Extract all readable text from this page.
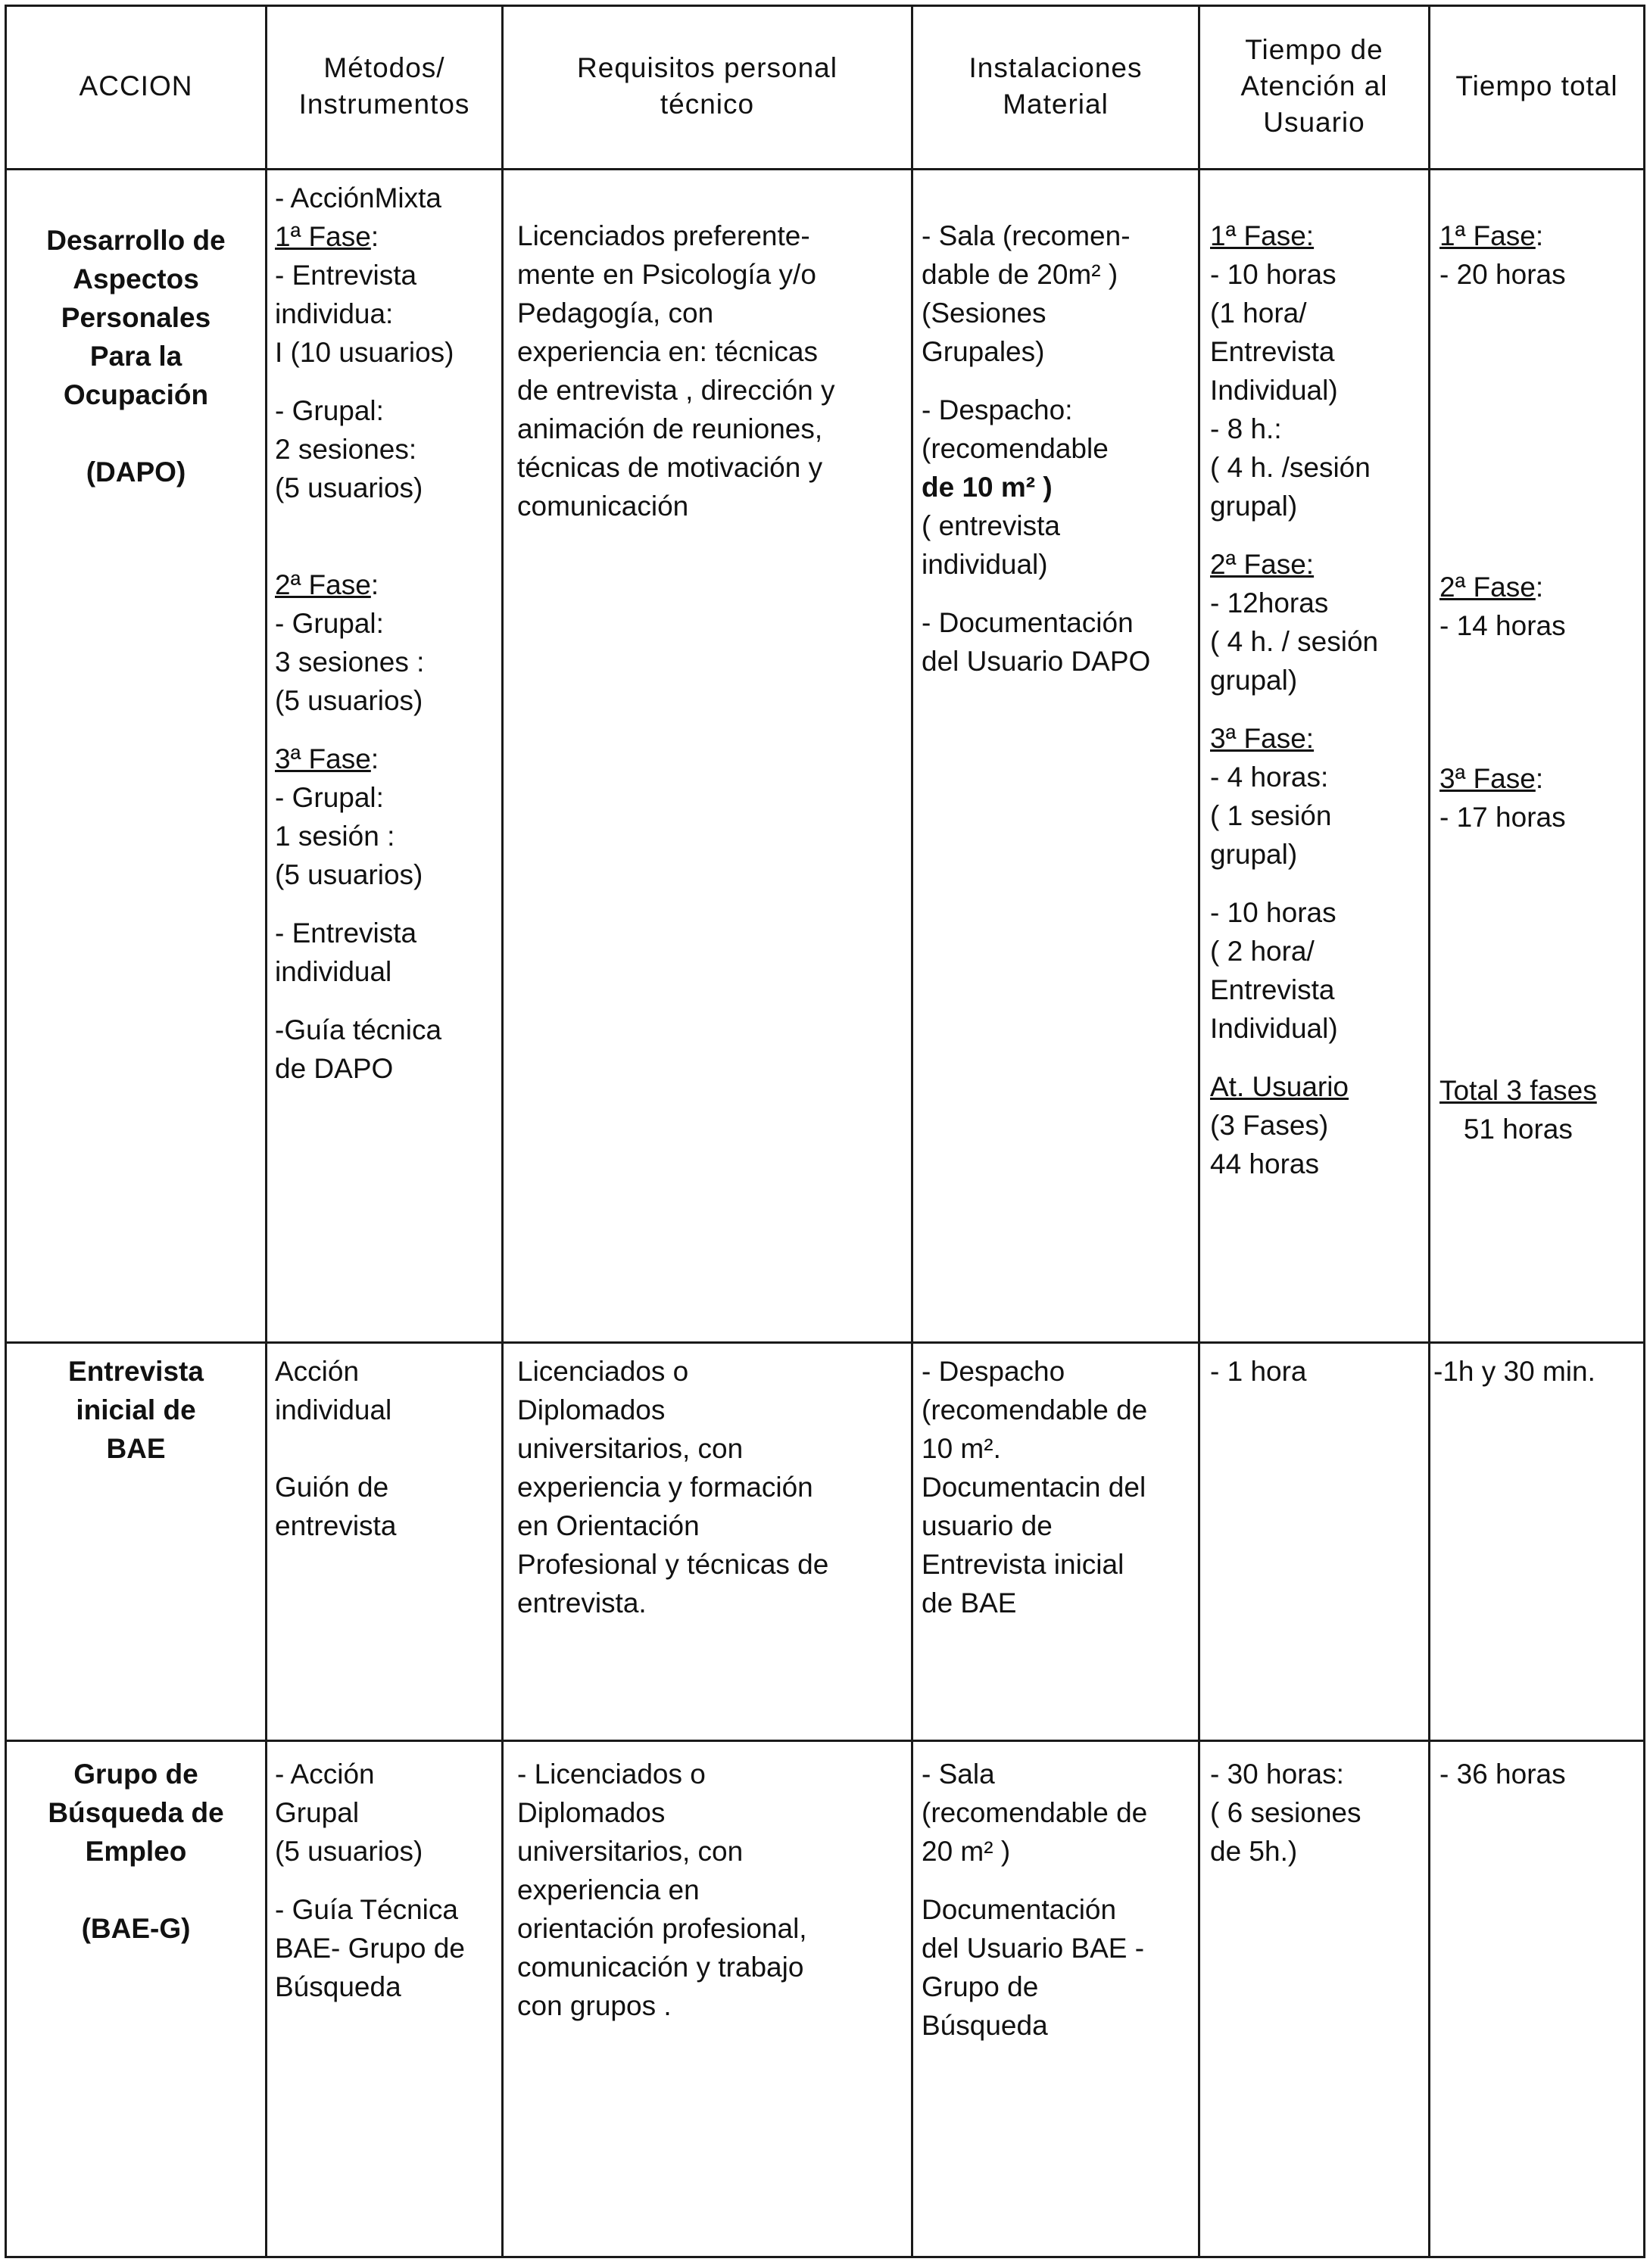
ACCION
Métodos/
Instrumentos
Requisitos personal
técnico
Instalaciones
Material
Tiempo de
Atención al
Usuario
Tiempo total
Desarrollo de
Aspectos
Personales
Para la
Ocupación
(DAPO)
- AcciónMixta
1ª Fase:
- Entrevista
individua:
I (10 usuarios)
- Grupal:
2 sesiones:
(5 usuarios)
2ª Fase:
- Grupal:
3 sesiones :
(5 usuarios)
3ª Fase:
- Grupal:
1 sesión :
(5 usuarios)
- Entrevista
individual
-Guía técnica
de DAPO
Licenciados preferente-
mente en Psicología y/o
Pedagogía, con
experiencia en: técnicas
de entrevista , dirección y
animación de reuniones,
técnicas de motivación y
comunicación
- Sala (recomen-
dable de 20m² )
(Sesiones
Grupales)
- Despacho:
(recomendable
de 10 m² )
( entrevista
individual)
- Documentación
del Usuario DAPO
1ª Fase:
- 10 horas
(1 hora/
Entrevista
Individual)
- 8 h.:
( 4 h. /sesión
grupal)
2ª Fase:
- 12horas
( 4 h. / sesión
grupal)
3ª Fase:
- 4 horas:
( 1 sesión
grupal)
- 10 horas
( 2 hora/
Entrevista
Individual)
At. Usuario
(3 Fases)
44 horas
1ª Fase:
- 20 horas
2ª Fase:
- 14 horas
3ª Fase:
- 17 horas
Total 3 fases
51 horas
Entrevista
inicial de
BAE
Acción
individual
Guión de
entrevista
Licenciados o
Diplomados
universitarios, con
experiencia y formación
en Orientación
Profesional y técnicas de
entrevista.
- Despacho
(recomendable de
10 m².
Documentacin del
usuario de
Entrevista inicial
de BAE
- 1 hora	-1h y 30 min.
Grupo de
Búsqueda de
Empleo
(BAE-G)
- Acción
Grupal
(5 usuarios)
- Guía Técnica
BAE- Grupo de
Búsqueda
- Licenciados o
Diplomados
universitarios, con
experiencia en
orientación profesional,
comunicación y trabajo
con grupos .
- Sala
(recomendable de
20 m² )
Documentación
del Usuario BAE -
Grupo de
Búsqueda
- 30 horas:
( 6 sesiones
de 5h.)
- 36 horas
